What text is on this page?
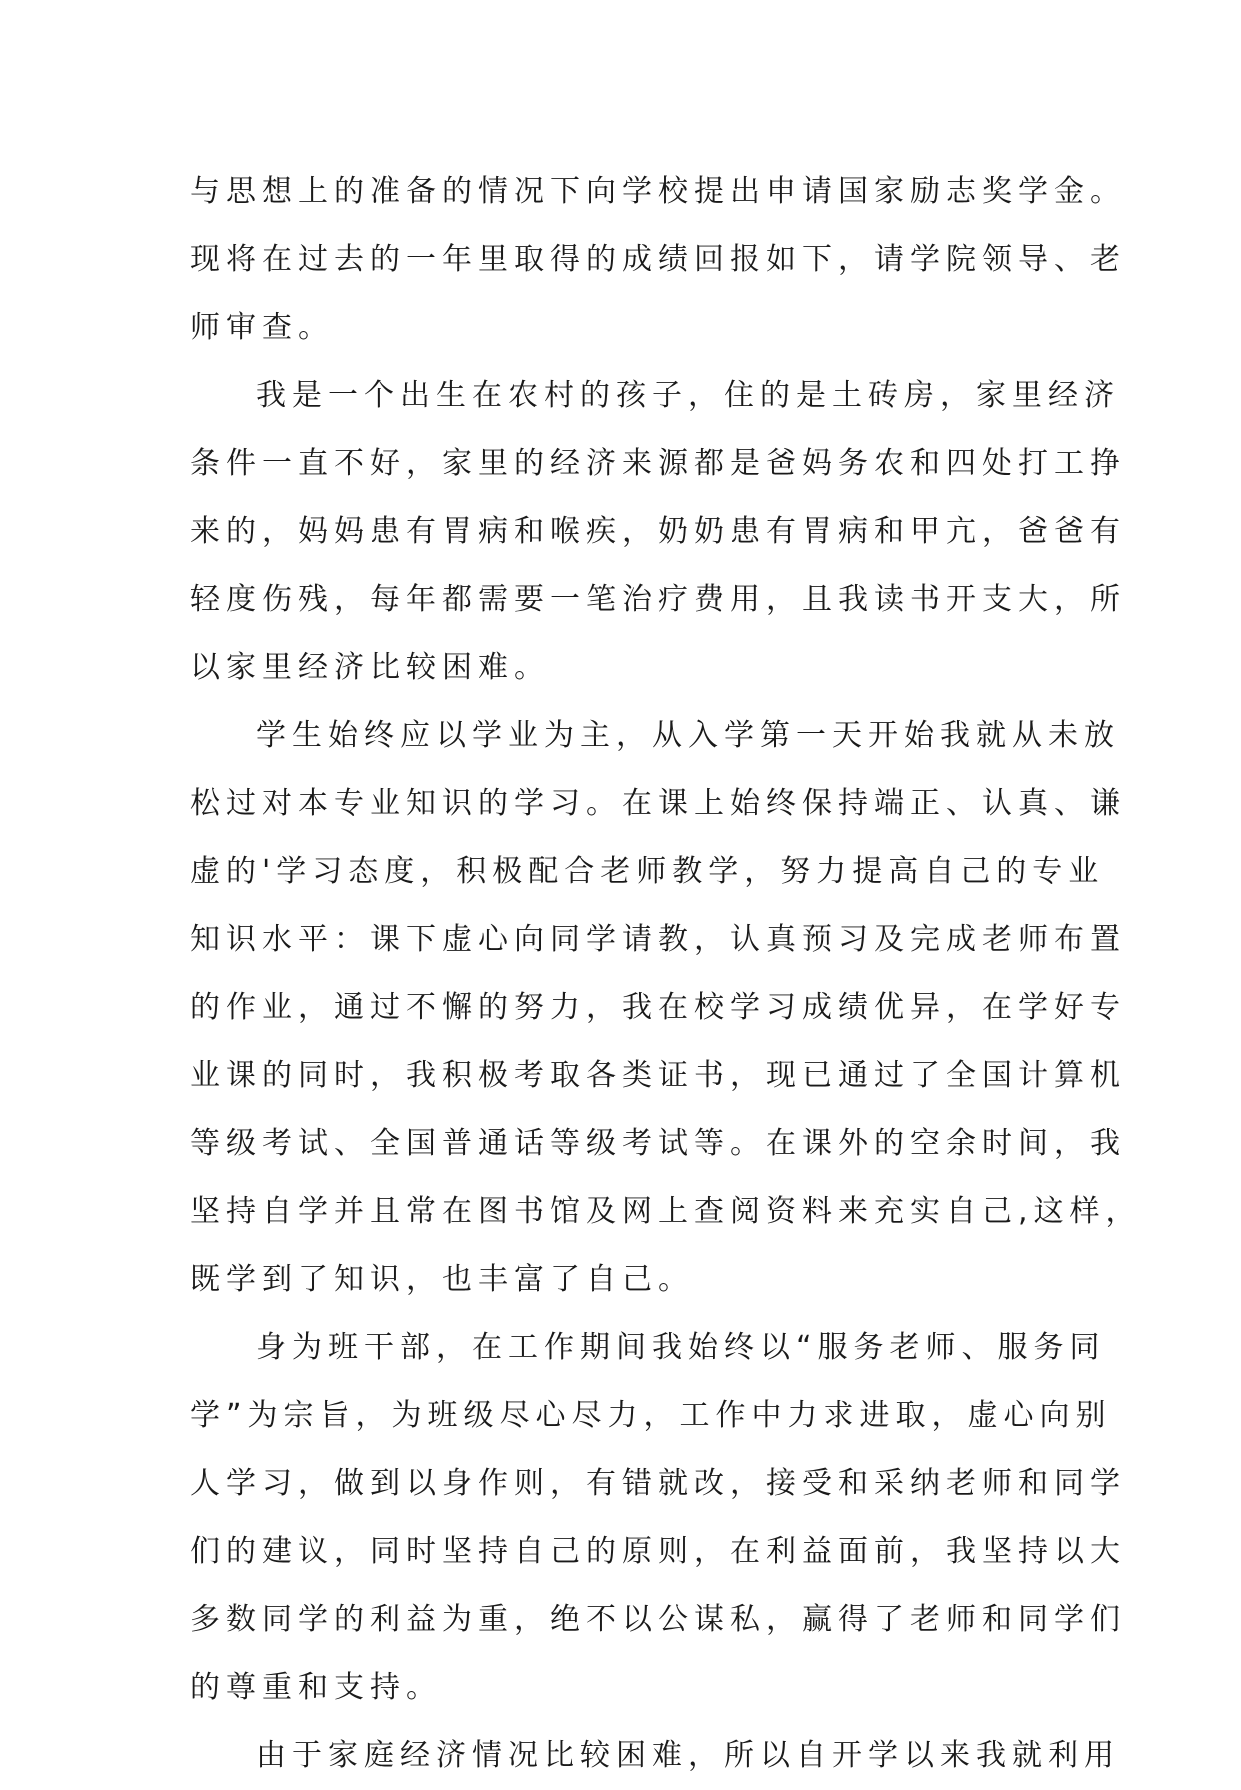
与思想上的准备的情况下向学校提出申请国家励志奖学金。
现将在过去的一年里取得的成绩回报如下，请学院领导、老
师审查。
我是一个出生在农村的孩子，住的是土砖房，家里经济
条件一直不好，家里的经济来源都是爸妈务农和四处打工挣
来的，妈妈患有胃病和喉疾，奶奶患有胃病和甲亢，爸爸有
轻度伤残，每年都需要一笔治疗费用，且我读书开支大，所
以家里经济比较困难。
学生始终应以学业为主，从入学第一天开始我就从未放
松过对本专业知识的学习。在课上始终保持端正、认真、谦
虚的'学习态度，积极配合老师教学，努力提高自己的专业
知识水平：课下虚心向同学请教，认真预习及完成老师布置
的作业，通过不懈的努力，我在校学习成绩优异，在学好专
业课的同时，我积极考取各类证书，现已通过了全国计算机
等级考试、全国普通话等级考试等。在课外的空余时间，我
坚持自学并且常在图书馆及网上查阅资料来充实自己,这样，
既学到了知识，也丰富了自己。
身为班干部，在工作期间我始终以“服务老师、服务同
学”为宗旨，为班级尽心尽力，工作中力求进取，虚心向别
人学习，做到以身作则，有错就改，接受和采纳老师和同学
们的建议，同时坚持自己的原则，在利益面前，我坚持以大
多数同学的利益为重，绝不以公谋私，赢得了老师和同学们
的尊重和支持。
由于家庭经济情况比较困难，所以自开学以来我就利用
